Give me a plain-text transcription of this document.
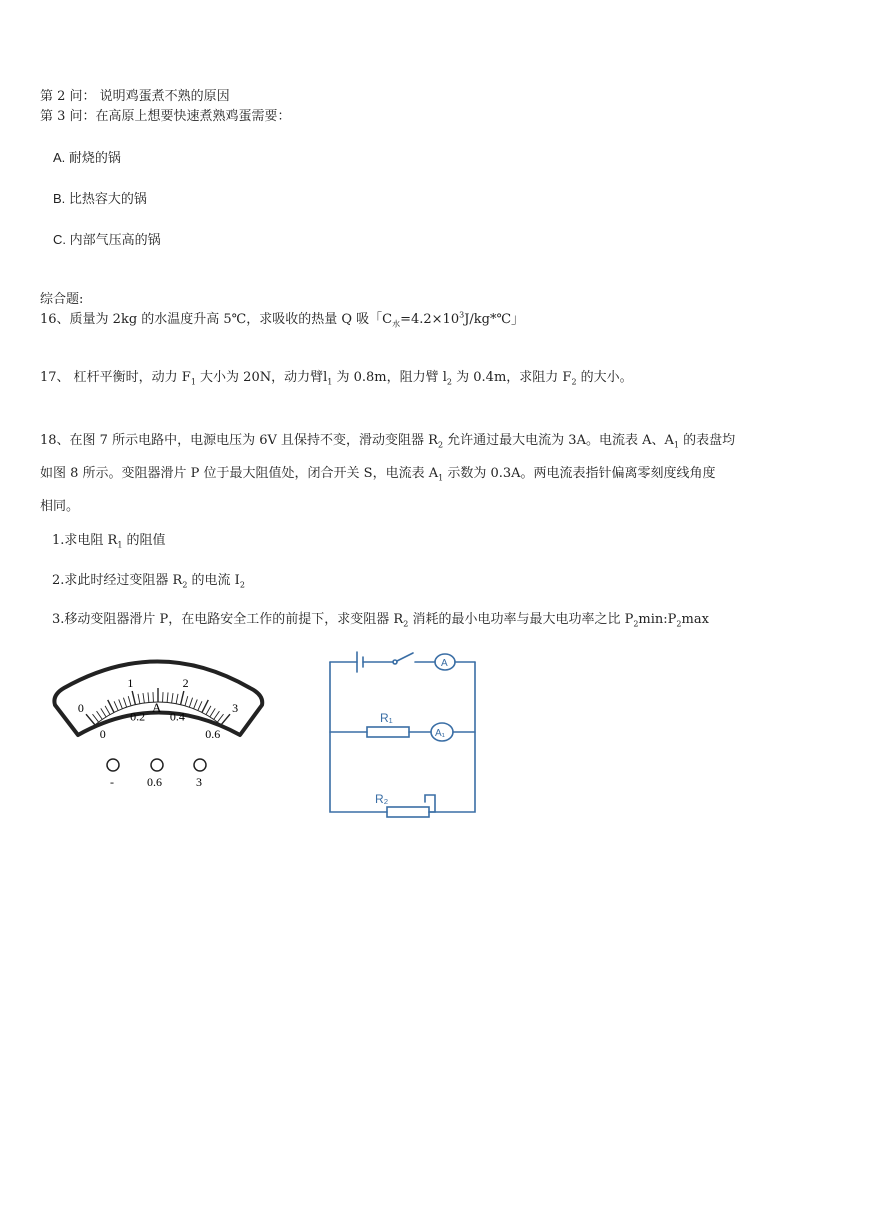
第 2 问： 说明鸡蛋煮不熟的原因
第 3 问：在高原上想要快速煮熟鸡蛋需要：
A. 耐烧的锅
B. 比热容大的锅
C. 内部气压高的锅
综合题:
16、质量为 2kg 的水温度升高 5℃，求吸收的热量 Q 吸「$C_水=4.2\times 10^3J/kg*℃$」
17、 杠杆平衡时，动力 $F_1$ 大小为 20N，动力臂$l_1$ 为 0.8m，阻力臂 $l_2$ 为 0.4m，求阻力 $F_2$ 的大小。
18、在图 7 所示电路中，电源电压为 6V 且保持不变，滑动变阻器 $R_2$ 允许通过最大电流为 3A。电流表 A、$A_1$ 的表盘均
如图 8 所示。变阻器滑片 P 位于最大阻值处，闭合开关 S，电流表 $A_1$ 示数为 0.3A。两电流表指针偏离零刻度线角度
相同。
1.求电阻 $R_1$ 的阻值
2.求此时经过变阻器 $R_2$ 的电流 $I_2$
3.移动变阻器滑片 P，在电路安全工作的前提下，求变阻器 $R_2$ 消耗的最小电功率与最大电功率之比 $P_2\min:P_2\max$
0
1	2
3
0
0.2 0.4
0.6
A
-	0.6	3
A
A₁
R₁
R₂
